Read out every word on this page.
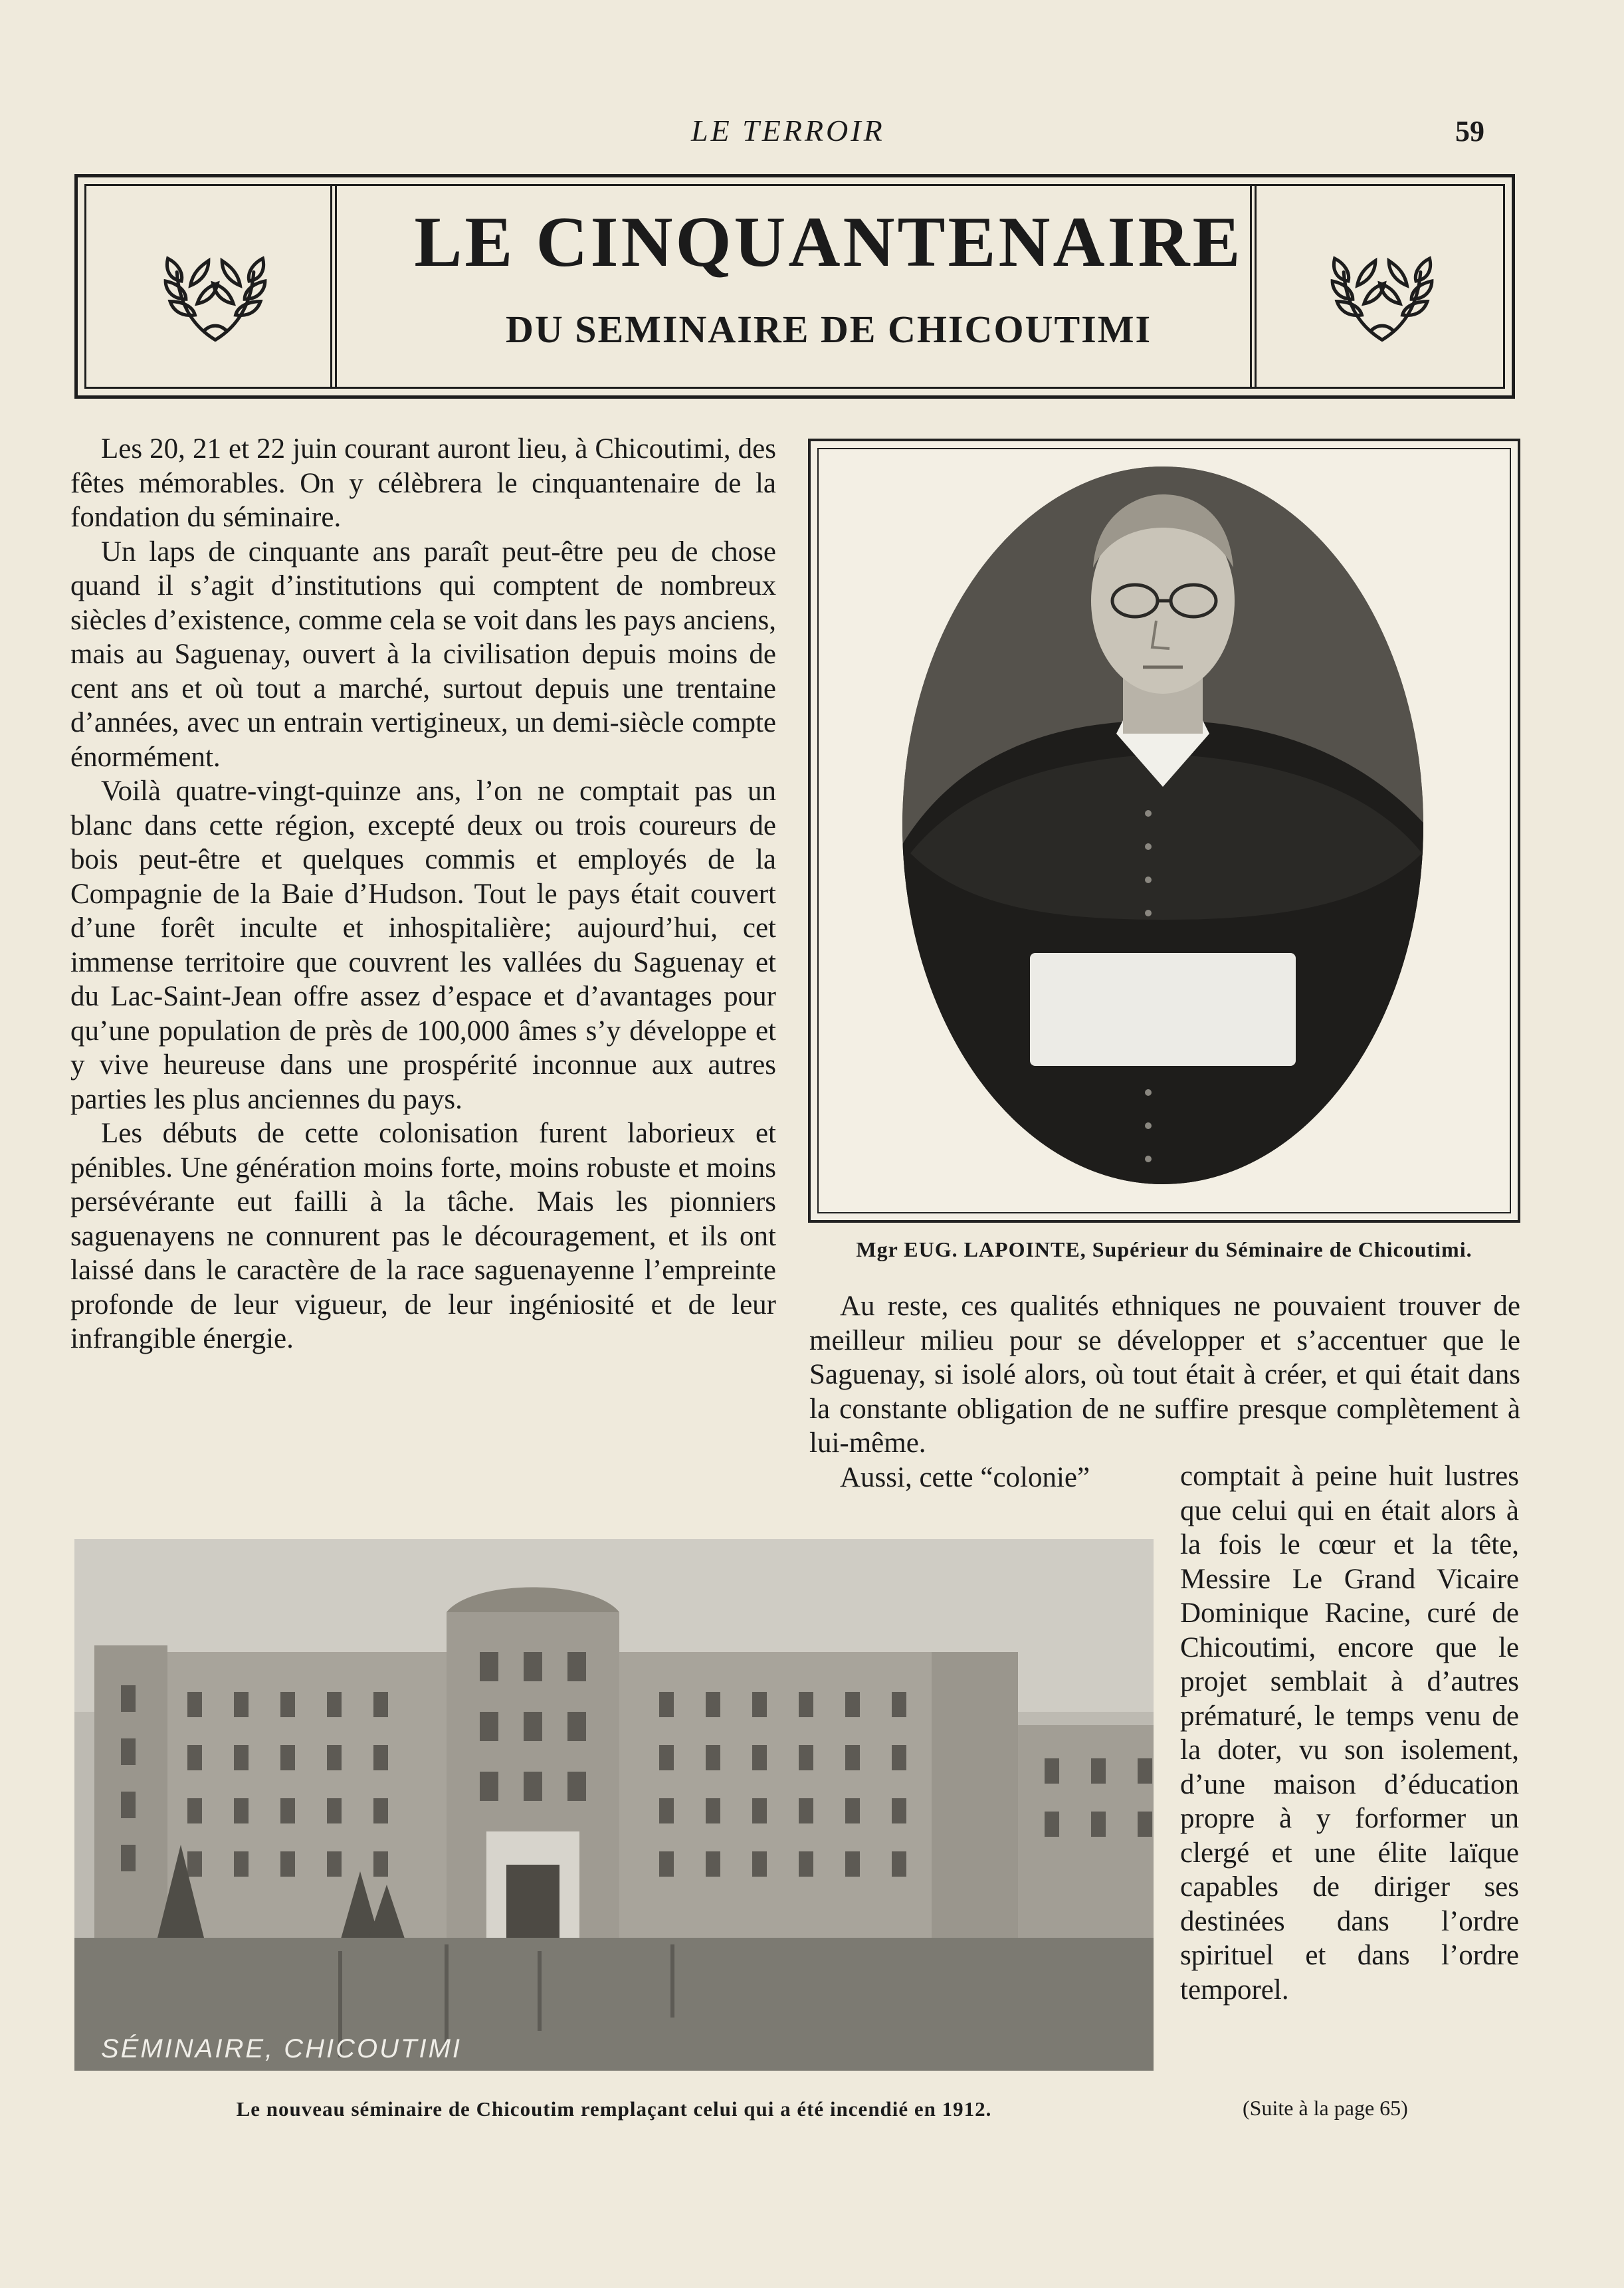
LE TERROIR	59
LE CINQUANTENAIRE
DU SEMINAIRE DE CHICOUTIMI

Les 20, 21 et 22 juin courant auront lieu, à Chicoutimi, des fêtes mémorables. On y célèbrera le cinquantenaire de la fondation du séminaire.

Un laps de cinquante ans paraît peut-être peu de chose quand il s’agit d’institutions qui comptent de nombreux siècles d’existence, comme cela se voit dans les pays anciens, mais au Saguenay, ouvert à la civilisation depuis moins de cent ans et où tout a marché, surtout depuis une trentaine d’années, avec un entrain vertigineux, un demi-siècle compte énormément.

Voilà quatre-vingt-quinze ans, l’on ne comptait pas un blanc dans cette région, excepté deux ou trois coureurs de bois peut-être et quelques commis et employés de la Compagnie de la Baie d’Hudson. Tout le pays était couvert d’une forêt inculte et inhospitalière; aujourd’hui, cet immense territoire que couvrent les vallées du Saguenay et du Lac-Saint-Jean offre assez d’espace et d’avantages pour qu’une population de près de 100,000 âmes s’y développe et y vive heureuse dans une prospérité inconnue aux autres parties les plus anciennes du pays.

Les débuts de cette colonisation furent laborieux et pénibles. Une génération moins forte, moins robuste et moins persévérante eut failli à la tâche. Mais les pionniers saguenayens ne connurent pas le découragement, et ils ont laissé dans le caractère de la race saguenayenne l’empreinte profonde de leur vigueur, de leur ingéniosité et de leur infrangible énergie.

Mgr EUG. LAPOINTE, Supérieur du Séminaire de Chicoutimi.

Au reste, ces qualités ethniques ne pouvaient trouver de meilleur milieu pour se développer et s’accentuer que le Saguenay, si isolé alors, où tout était à créer, et qui était dans la constante obligation de ne suffire presque complètement à lui-même.

Aussi, cette “colonie”	comptait à peine huit lustres que celui qui en était alors à la fois le cœur et la tête, Messire Le Grand Vicaire Dominique Racine, curé de Chicoutimi, encore que le projet semblait à d’autres prématuré, le temps venu de la doter, vu son isolement, d’une maison d’éducation propre à y forformer un clergé et une élite laïque capables de diriger ses destinées dans l’ordre spirituel et dans l’ordre temporel.

SÉMINAIRE, CHICOUTIMI
Le nouveau séminaire de Chicoutim remplaçant celui qui a été incendié en 1912.	(Suite à la page 65)
